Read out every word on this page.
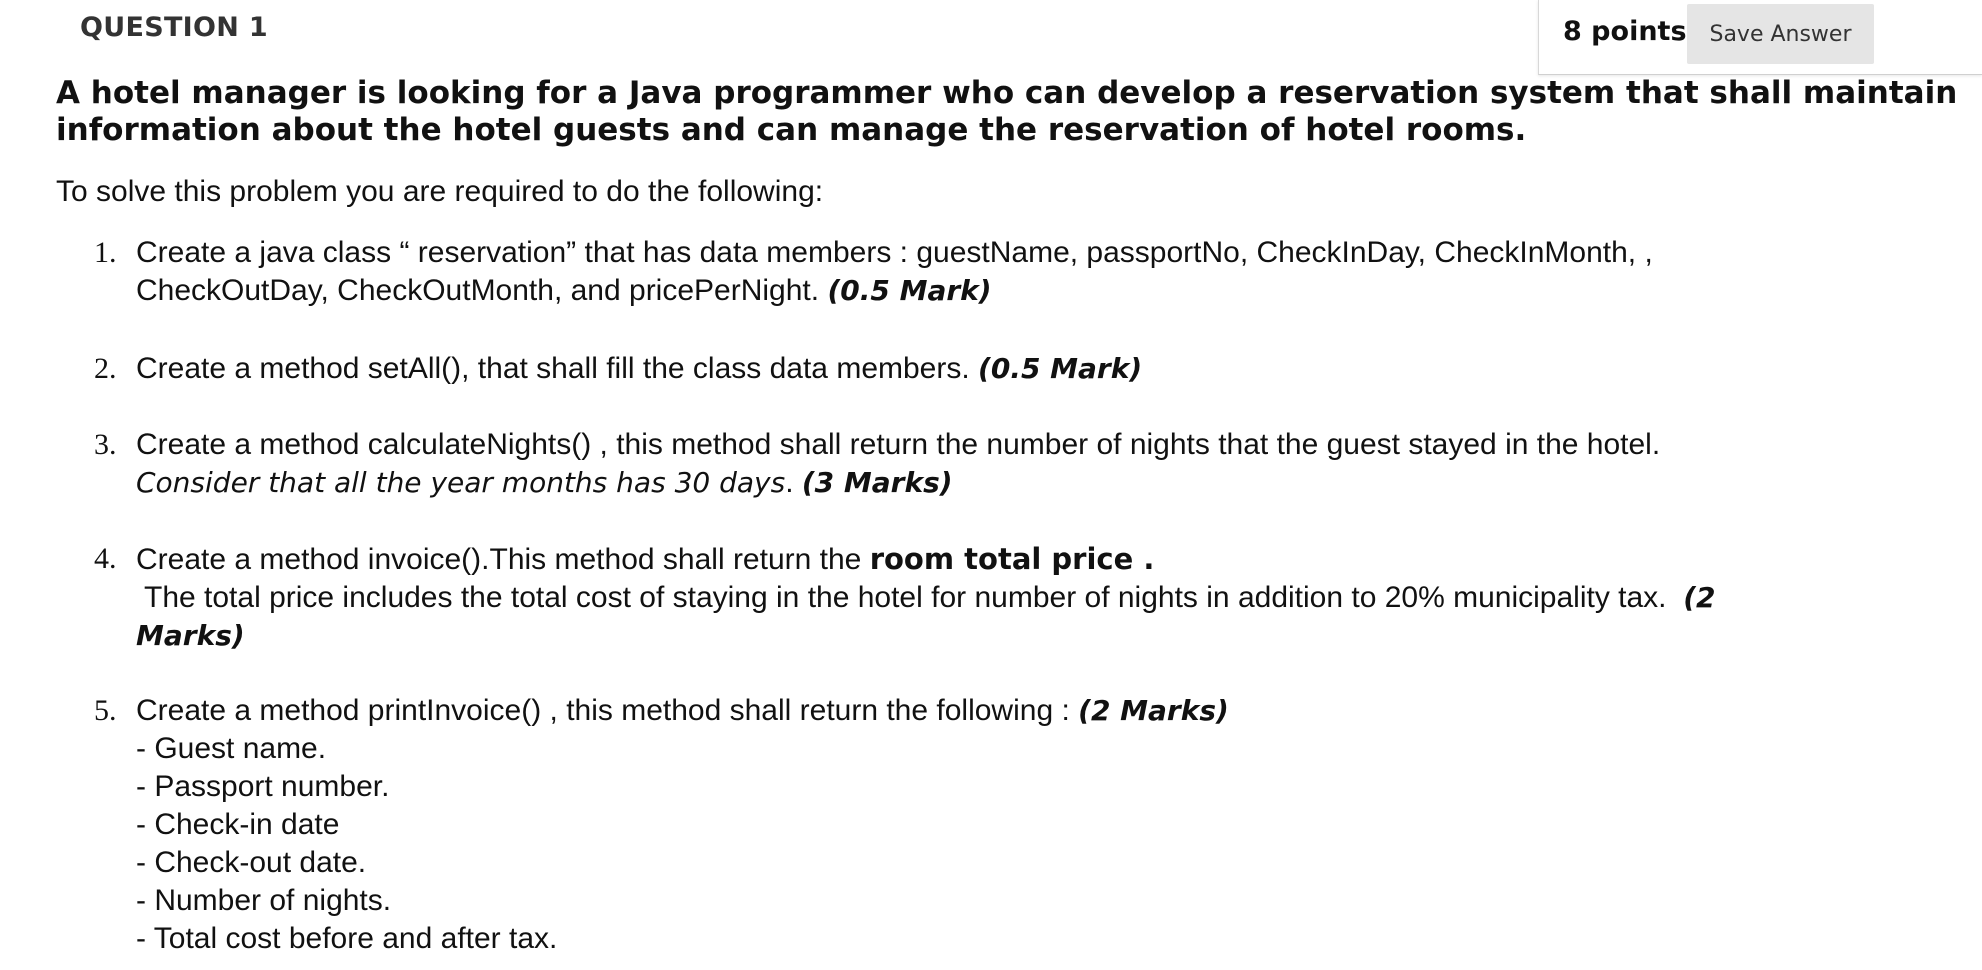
QUESTION 1	8 points	Save Answer
A hotel manager is looking for a Java programmer who can develop a reservation system that shall maintain
information about the hotel guests and can manage the reservation of hotel rooms.

To solve this problem you are required to do the following:

1. Create a java class “ reservation” that has data members : guestName, passportNo, CheckInDay, CheckInMonth, ,
CheckOutDay, CheckOutMonth, and pricePerNight. (0.5 Mark)
2. Create a method setAll(), that shall fill the class data members. (0.5 Mark)
3. Create a method calculateNights() , this method shall return the number of nights that the guest stayed in the hotel.
Consider that all the year months has 30 days. (3 Marks)
4. Create a method invoice().This method shall return the room total price .
The total price includes the total cost of staying in the hotel for number of nights in addition to 20% municipality tax. (2
Marks)
5. Create a method printInvoice() , this method shall return the following : (2 Marks)
- Guest name.
- Passport number.
- Check-in date
- Check-out date.
- Number of nights.
- Total cost before and after tax.
